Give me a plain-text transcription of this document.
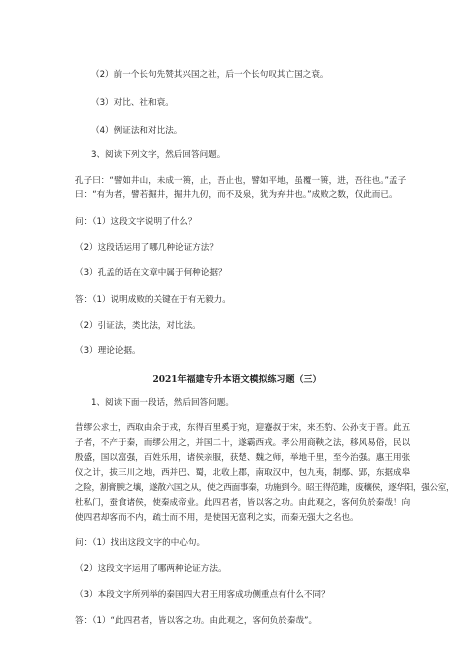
（2）前一个长句先赞其兴国之社，后一个长句叹其亡国之衰。
（3）对比、社和衰。
（4）例证法和对比法。
3、阅读下列文字，然后回答问题。
孔子曰：“譬如井山，未成一篑，止，吾止也，譬如平地，虽覆一篑，进，吾往也。”孟子
曰：“有为者，譬若掘井，掘井九仞，而不及泉，犹为弃井也。”成败之数，仅此而已。
问：（1）这段文字说明了什么？
（2）这段话运用了哪几种论证方法？
（3）孔孟的话在文章中属于何种论据？
答：（1）说明成败的关键在于有无毅力。
（2）引证法，类比法，对比法。
（3）理论论据。
2021年福建专升本语文模拟练习题（三）
1、阅读下面一段话，然后回答问题。
昔缪公求士，西取由余于戎，东得百里奚于宛，迎蹇叔于宋，来丕豹、公孙支于晋。此五
子者，不产于秦，而缪公用之，并国二十，遂霸西戎。孝公用商鞅之法，移风易俗，民以
殷盛，国以富强，百姓乐用，诸侯亲服，获楚、魏之师，举地千里，至今治强。惠王用张
仪之计，拔三川之地，西并巴、蜀，北收上郡，南取汉中，包九夷，制鄢、郢，东据成皋
之险，割膏腴之壤，遂散六国之从，使之西面事秦，功施到今。昭王得范雎，废穰侯，逐华阳，强公室，
杜私门，蚕食诸侯，使秦成帝业。此四君者，皆以客之功。由此观之，客何负於秦哉！向
使四君却客而不内，疏士而不用，是使国无富利之实，而秦无强大之名也。
问：（1）找出这段文字的中心句。
（2）这段文字运用了哪两种论证方法。
（3）本段文字所列举的秦国四大君王用客成功侧重点有什么不同？
答：（1）“此四君者，皆以客之功。由此观之，客何负於秦哉”。
